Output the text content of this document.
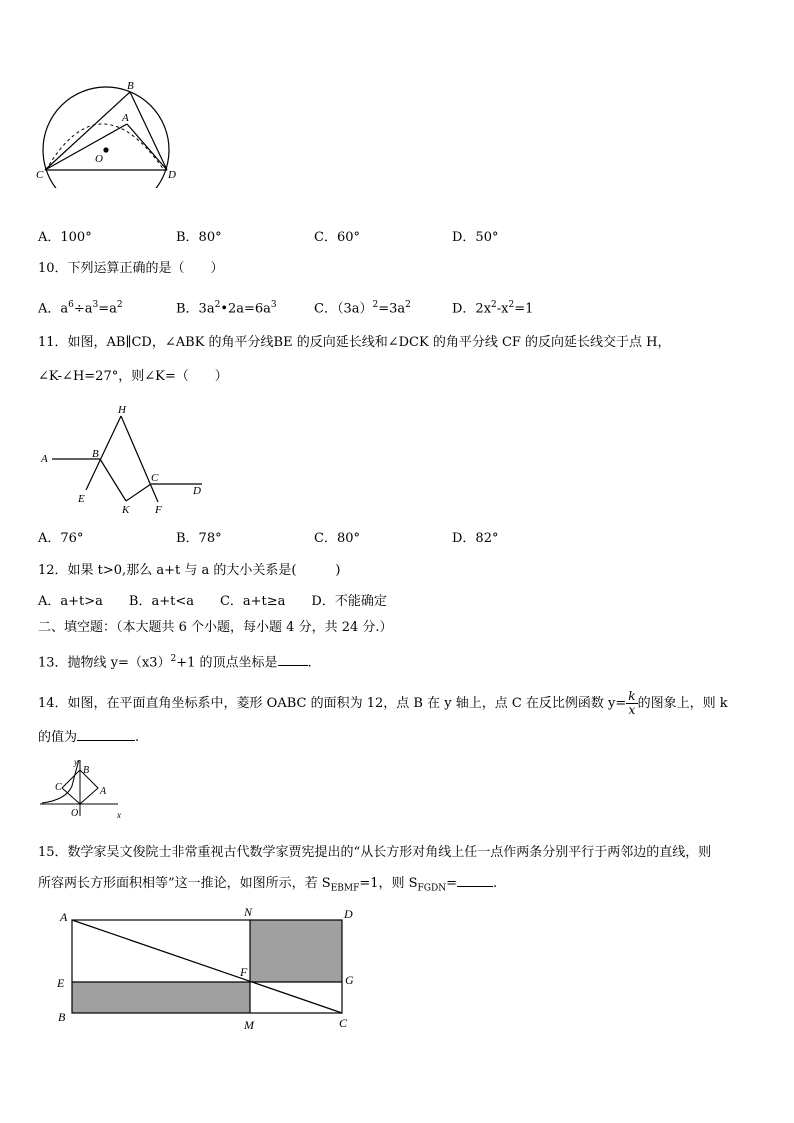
B
A
O
C	D
A．100°	B．80°	C．60°	D．50°
10．下列运算正确的是（　　）
A．$a^6\div a^3=a^2$	B．$3a^2•2a=6a^3$	C．$(3a)^2=3a^2$	D．$2x^2-x^2=1$
11．如图，AB∥CD，∠ABK 的角平分线BE 的反向延长线和∠DCK 的角平分线 CF 的反向延长线交于点 H，
∠K-∠H=27°，则∠K=（　　）
H
A	B
C
D
E
K F
A．76°	B．78°	C．80°	D．82°
12．如果 t>0,那么 a+t 与 a 的大小关系是(　　　)
A．a+t>a　　B．a+t<a　　C．a+t≥a　　D．不能确定
二、填空题：（本大题共 6 个小题，每小题 4 分，共 24 分.）
13．抛物线 $y=(x3)^2+1$ 的顶点坐标是 .
14．如图，在平面直角坐标系中，菱形 OABC 的面积为 12，点 B 在 y 轴上，点 C 在反比例函数 $y= \frac{k}{x}$ 的图象上，则 k
的值为	.
y
B
C	A
O	x
15．数学家吴文俊院士非常重视古代数学家贾宪提出的“从长方形对角线上任一点作两条分别平行于两邻边的直线，则
所容两长方形面积相等”这一推论，如图所示，若 $S_{EBMF}=1$，则 $S_{FGDN}=$	.
A	N	D
E
F
G
B
M	C
